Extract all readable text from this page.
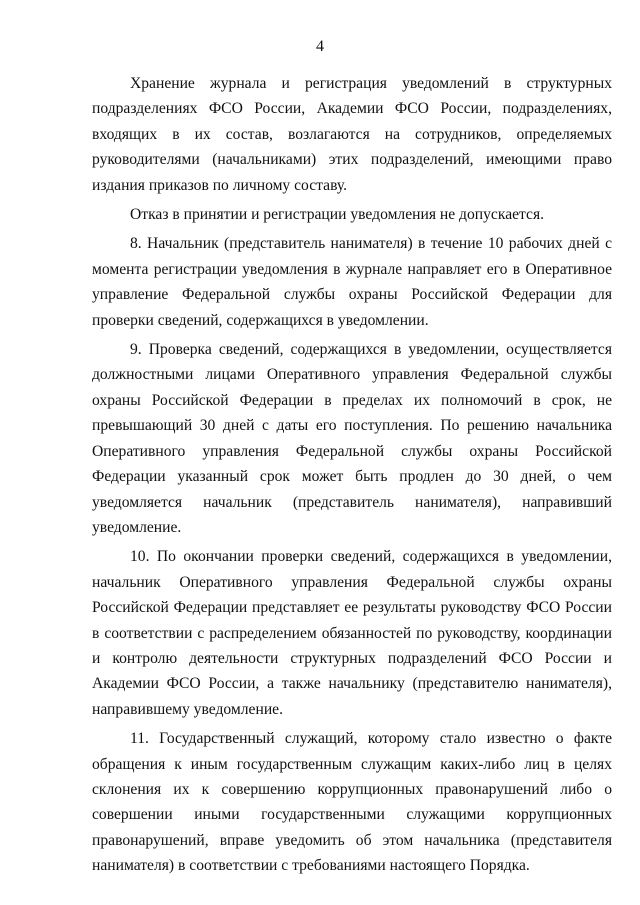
4

Хранение журнала и регистрация уведомлений в структурных подразделениях ФСО России, Академии ФСО России, подразделениях, входящих в их состав, возлагаются на сотрудников, определяемых руководителями (начальниками) этих подразделений, имеющими право издания приказов по личному составу.

Отказ в принятии и регистрации уведомления не допускается.

8. Начальник (представитель нанимателя) в течение 10 рабочих дней с момента регистрации уведомления в журнале направляет его в Оперативное управление Федеральной службы охраны Российской Федерации для проверки сведений, содержащихся в уведомлении.

9. Проверка сведений, содержащихся в уведомлении, осуществляется должностными лицами Оперативного управления Федеральной службы охраны Российской Федерации в пределах их полномочий в срок, не превышающий 30 дней с даты его поступления. По решению начальника Оперативного управления Федеральной службы охраны Российской Федерации указанный срок может быть продлен до 30 дней, о чем уведомляется начальник (представитель нанимателя), направивший уведомление.

10. По окончании проверки сведений, содержащихся в уведомлении, начальник Оперативного управления Федеральной службы охраны Российской Федерации представляет ее результаты руководству ФСО России в соответствии с распределением обязанностей по руководству, координации и контролю деятельности структурных подразделений ФСО России и Академии ФСО России, а также начальнику (представителю нанимателя), направившему уведомление.

11. Государственный служащий, которому стало известно о факте обращения к иным государственным служащим каких-либо лиц в целях склонения их к совершению коррупционных правонарушений либо о совершении иными государственными служащими коррупционных правонарушений, вправе уведомить об этом начальника (представителя нанимателя) в соответствии с требованиями настоящего Порядка.
